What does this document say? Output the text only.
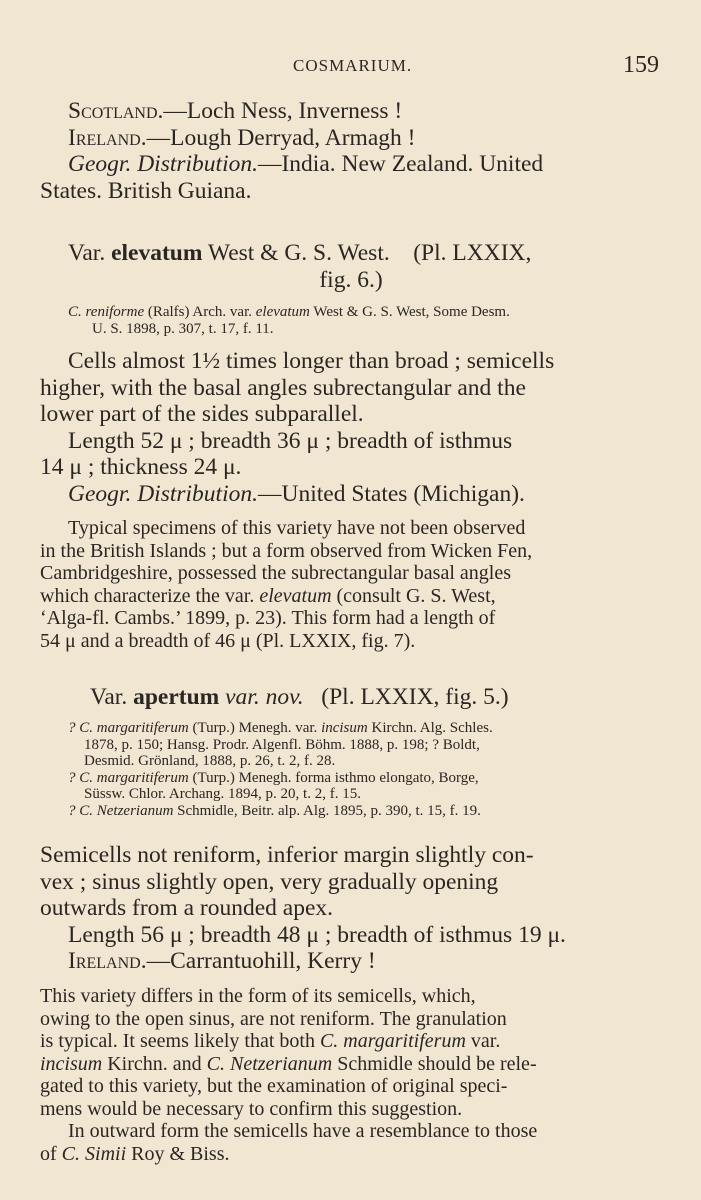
COSMARIUM.	159
Scotland.—Loch Ness, Inverness !
Ireland.—Lough Derryad, Armagh !
Geogr. Distribution.—India. New Zealand. United
States. British Guiana.
Var. elevatum West & G. S. West. (Pl. LXXIX,
fig. 6.)
C. reniforme (Ralfs) Arch. var. elevatum West & G. S. West, Some Desm.
U. S. 1898, p. 307, t. 17, f. 11.
Cells almost 1½ times longer than broad ; semicells
higher, with the basal angles subrectangular and the
lower part of the sides subparallel.
Length 52 μ ; breadth 36 μ ; breadth of isthmus
14 μ ; thickness 24 μ.
Geogr. Distribution.—United States (Michigan).
Typical specimens of this variety have not been observed
in the British Islands ; but a form observed from Wicken Fen,
Cambridgeshire, possessed the subrectangular basal angles
which characterize the var. elevatum (consult G. S. West,
‘Alga-fl. Cambs.’ 1899, p. 23). This form had a length of
54 μ and a breadth of 46 μ (Pl. LXXIX, fig. 7).
Var. apertum var. nov. (Pl. LXXIX, fig. 5.)
? C. margaritiferum (Turp.) Menegh. var. incisum Kirchn. Alg. Schles.
1878, p. 150; Hansg. Prodr. Algenfl. Böhm. 1888, p. 198; ? Boldt,
Desmid. Grönland, 1888, p. 26, t. 2, f. 28.
? C. margaritiferum (Turp.) Menegh. forma isthmo elongato, Borge,
Süssw. Chlor. Archang. 1894, p. 20, t. 2, f. 15.
? C. Netzerianum Schmidle, Beitr. alp. Alg. 1895, p. 390, t. 15, f. 19.
Semicells not reniform, inferior margin slightly con-
vex ; sinus slightly open, very gradually opening
outwards from a rounded apex.
Length 56 μ ; breadth 48 μ ; breadth of isthmus 19 μ.
Ireland.—Carrantuohill, Kerry !
This variety differs in the form of its semicells, which,
owing to the open sinus, are not reniform. The granulation
is typical. It seems likely that both C. margaritiferum var.
incisum Kirchn. and C. Netzerianum Schmidle should be rele-
gated to this variety, but the examination of original speci-
mens would be necessary to confirm this suggestion.
In outward form the semicells have a resemblance to those
of C. Simii Roy & Biss.
